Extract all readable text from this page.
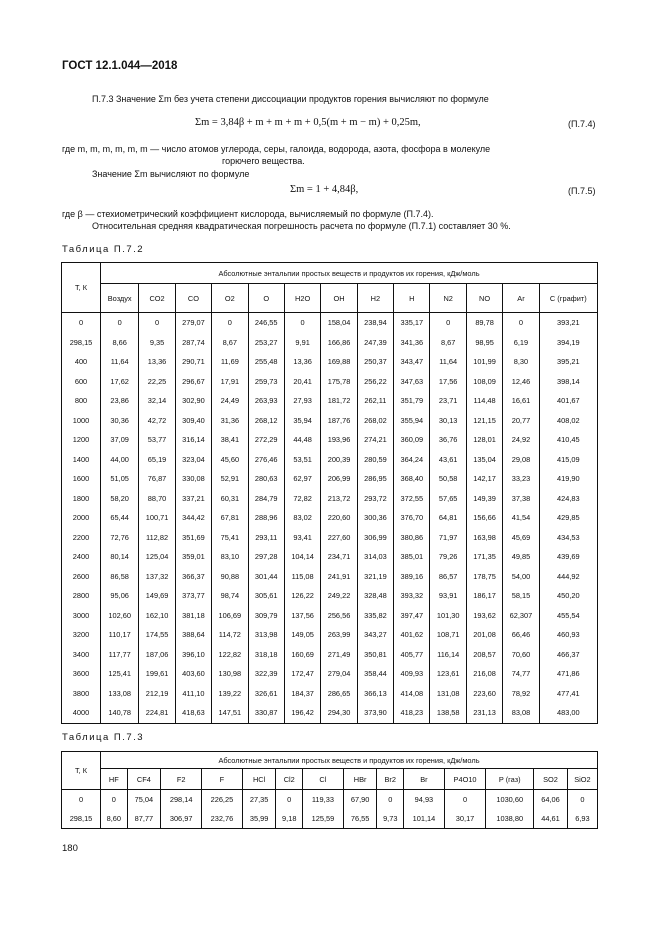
ГОСТ 12.1.044—2018
П.7.3 Значение Σm без учета степени диссоциации продуктов горения вычисляют по формуле
Σm = 3,84β + m + m + m + 0,5(m + m − m) + 0,25m,	(П.7.4)
где m, m, m, m, m, m — число атомов углерода, серы, галоида, водорода, азота, фосфора в молекуле
горючего вещества.
Значение Σm вычисляют по формуле
Σm = 1 + 4,84β,	(П.7.5)
где β — стехиометрический коэффициент кислорода, вычисляемый по формуле (П.7.4).
Относительная средняя квадратическая погрешность расчета по формуле (П.7.1) составляет 30 %.
Таблица П.7.2
Т, К	Абсолютные энтальпии простых веществ и продуктов их горения, кДж/моль												
	Воздух	CO2	CO	O2	O	H2O	OH	H2	H	N2	NO	Ar	C (графит)
0	0	0	279,07	0	246,55	0	158,04	238,94	335,17	0	89,78	0	393,21
298,15	8,66	9,35	287,74	8,67	253,27	9,91	166,86	247,39	341,36	8,67	98,95	6,19	394,19
400	11,64	13,36	290,71	11,69	255,48	13,36	169,88	250,37	343,47	11,64	101,99	8,30	395,21
600	17,62	22,25	296,67	17,91	259,73	20,41	175,78	256,22	347,63	17,56	108,09	12,46	398,14
800	23,86	32,14	302,90	24,49	263,93	27,93	181,72	262,11	351,79	23,71	114,48	16,61	401,67
1000	30,36	42,72	309,40	31,36	268,12	35,94	187,76	268,02	355,94	30,13	121,15	20,77	408,02
1200	37,09	53,77	316,14	38,41	272,29	44,48	193,96	274,21	360,09	36,76	128,01	24,92	410,45
1400	44,00	65,19	323,04	45,60	276,46	53,51	200,39	280,59	364,24	43,61	135,04	29,08	415,09
1600	51,05	76,87	330,08	52,91	280,63	62,97	206,99	286,95	368,40	50,58	142,17	33,23	419,90
1800	58,20	88,70	337,21	60,31	284,79	72,82	213,72	293,72	372,55	57,65	149,39	37,38	424,83
2000	65,44	100,71	344,42	67,81	288,96	83,02	220,60	300,36	376,70	64,81	156,66	41,54	429,85
2200	72,76	112,82	351,69	75,41	293,11	93,41	227,60	306,99	380,86	71,97	163,98	45,69	434,53
2400	80,14	125,04	359,01	83,10	297,28	104,14	234,71	314,03	385,01	79,26	171,35	49,85	439,69
2600	86,58	137,32	366,37	90,88	301,44	115,08	241,91	321,19	389,16	86,57	178,75	54,00	444,92
2800	95,06	149,69	373,77	98,74	305,61	126,22	249,22	328,48	393,32	93,91	186,17	58,15	450,20
3000	102,60	162,10	381,18	106,69	309,79	137,56	256,56	335,82	397,47	101,30	193,62	62,307	455,54
3200	110,17	174,55	388,64	114,72	313,98	149,05	263,99	343,27	401,62	108,71	201,08	66,46	460,93
3400	117,77	187,06	396,10	122,82	318,18	160,69	271,49	350,81	405,77	116,14	208,57	70,60	466,37
3600	125,41	199,61	403,60	130,98	322,39	172,47	279,04	358,44	409,93	123,61	216,08	74,77	471,86
3800	133,08	212,19	411,10	139,22	326,61	184,37	286,65	366,13	414,08	131,08	223,60	78,92	477,41
4000	140,78	224,81	418,63	147,51	330,87	196,42	294,30	373,90	418,23	138,58	231,13	83,08	483,00
Таблица П.7.3
Т, К	Абсолютные энтальпии простых веществ и продуктов их горения, кДж/моль													
	HF	CF4	F2	F	HCl	Cl2	Cl	HBr	Br2	Br	P4O10	P (газ)	SO2	SiO2
0	0	75,04	298,14	226,25	27,35	0	119,33	67,90	0	94,93	0	1030,60	64,06	0
298,15	8,60	87,77	306,97	232,76	35,99	9,18	125,59	76,55	9,73	101,14	30,17	1038,80	44,61	6,93
180
